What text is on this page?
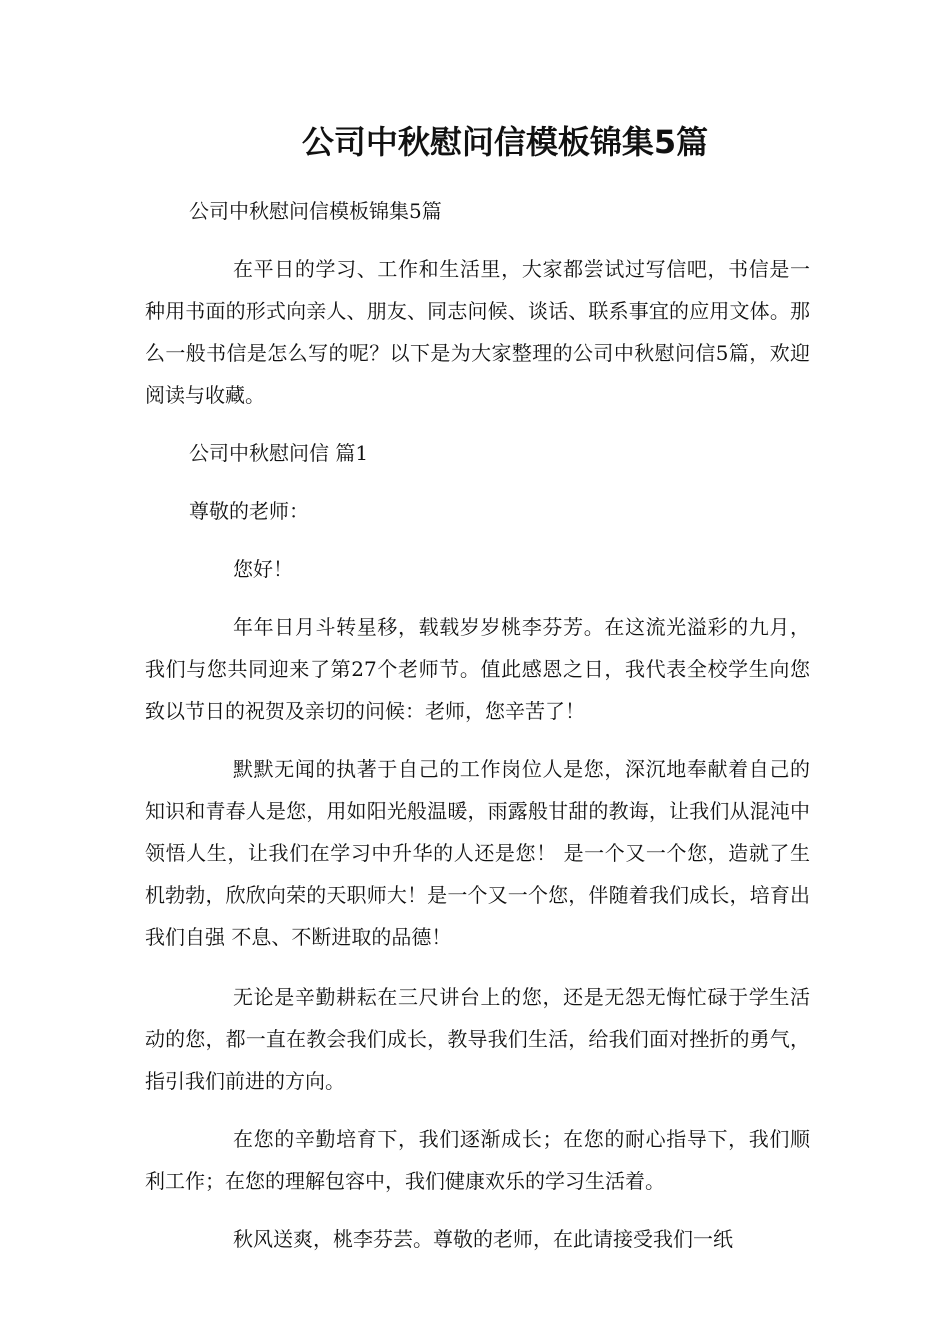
公司中秋慰问信模板锦集5篇

公司中秋慰问信模板锦集5篇

在平日的学习、工作和生活里，大家都尝试过写信吧，书信是一种用书面的形式向亲人、朋友、同志问候、谈话、联系事宜的应用文体。那么一般书信是怎么写的呢？以下是为大家整理的公司中秋慰问信5篇，欢迎阅读与收藏。

公司中秋慰问信 篇1

尊敬的老师：

您好！

年年日月斗转星移，载载岁岁桃李芬芳。在这流光溢彩的九月，我们与您共同迎来了第27个老师节。值此感恩之日，我代表全校学生向您致以节日的祝贺及亲切的问候：老师，您辛苦了！

默默无闻的执著于自己的工作岗位人是您，深沉地奉献着自己的知识和青春人是您，用如阳光般温暖，雨露般甘甜的教诲，让我们从混沌中领悟人生，让我们在学习中升华的人还是您！ 是一个又一个您，造就了生机勃勃，欣欣向荣的天职师大！是一个又一个您，伴随着我们成长，培育出我们自强 不息、不断进取的品德！

无论是辛勤耕耘在三尺讲台上的您，还是无怨无悔忙碌于学生活动的您，都一直在教会我们成长，教导我们生活，给我们面对挫折的勇气，指引我们前进的方向。

在您的辛勤培育下，我们逐渐成长；在您的耐心指导下，我们顺利工作；在您的理解包容中，我们健康欢乐的学习生活着。

秋风送爽，桃李芬芸。尊敬的老师，在此请接受我们一纸
